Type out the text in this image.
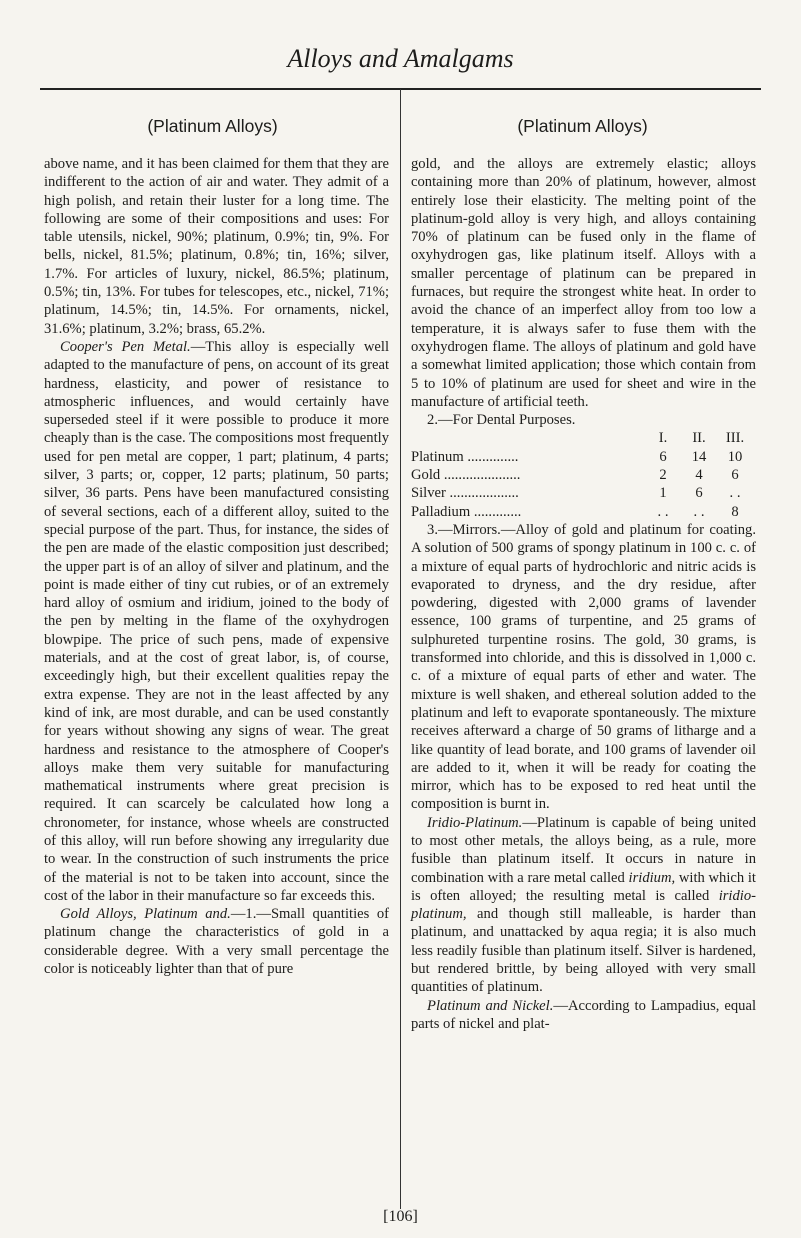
Alloys and Amalgams
(Platinum Alloys)	(Platinum Alloys)

above name, and it has been claimed for them that they are indifferent to the action of air and water. They admit of a high polish, and retain their luster for a long time. The following are some of their compositions and uses: For table utensils, nickel, 90%; platinum, 0.9%; tin, 9%. For bells, nickel, 81.5%; platinum, 0.8%; tin, 16%; silver, 1.7%. For articles of luxury, nickel, 86.5%; platinum, 0.5%; tin, 13%. For tubes for telescopes, etc., nickel, 71%; platinum, 14.5%; tin, 14.5%. For ornaments, nickel, 31.6%; platinum, 3.2%; brass, 65.2%.

Cooper's Pen Metal.—This alloy is especially well adapted to the manufacture of pens, on account of its great hardness, elasticity, and power of resistance to atmospheric influences, and would certainly have superseded steel if it were possible to produce it more cheaply than is the case. The compositions most frequently used for pen metal are copper, 1 part; platinum, 4 parts; silver, 3 parts; or, copper, 12 parts; platinum, 50 parts; silver, 36 parts. Pens have been manufactured consisting of several sections, each of a different alloy, suited to the special purpose of the part. Thus, for instance, the sides of the pen are made of the elastic composition just described; the upper part is of an alloy of silver and platinum, and the point is made either of tiny cut rubies, or of an extremely hard alloy of osmium and iridium, joined to the body of the pen by melting in the flame of the oxyhydrogen blowpipe. The price of such pens, made of expensive materials, and at the cost of great labor, is, of course, exceedingly high, but their excellent qualities repay the extra expense. They are not in the least affected by any kind of ink, are most durable, and can be used constantly for years without showing any signs of wear. The great hardness and resistance to the atmosphere of Cooper's alloys make them very suitable for manufacturing mathematical instruments where great precision is required. It can scarcely be calculated how long a chronometer, for instance, whose wheels are constructed of this alloy, will run before showing any irregularity due to wear. In the construction of such instruments the price of the material is not to be taken into account, since the cost of the labor in their manufacture so far exceeds this.

Gold Alloys, Platinum and.—1.—Small quantities of platinum change the characteristics of gold in a considerable degree. With a very small percentage the color is noticeably lighter than that of pure

gold, and the alloys are extremely elastic; alloys containing more than 20% of platinum, however, almost entirely lose their elasticity. The melting point of the platinum-gold alloy is very high, and alloys containing 70% of platinum can be fused only in the flame of oxyhydrogen gas, like platinum itself. Alloys with a smaller percentage of platinum can be prepared in furnaces, but require the strongest white heat. In order to avoid the chance of an imperfect alloy from too low a temperature, it is always safer to fuse them with the oxyhydrogen flame. The alloys of platinum and gold have a somewhat limited application; those which contain from 5 to 10% of platinum are used for sheet and wire in the manufacture of artificial teeth.

2.—For Dental Purposes.

	I.	II.	III.
Platinum ..............	6	14	10
Gold .....................	2	4	6
Silver ...................	1	6	. .
Palladium .............	. .	. .	8

3.—Mirrors.—Alloy of gold and platinum for coating. A solution of 500 grams of spongy platinum in 100 c. c. of a mixture of equal parts of hydrochloric and nitric acids is evaporated to dryness, and the dry residue, after powdering, digested with 2,000 grams of lavender essence, 100 grams of turpentine, and 25 grams of sulphureted turpentine rosins. The gold, 30 grams, is transformed into chloride, and this is dissolved in 1,000 c. c. of a mixture of equal parts of ether and water. The mixture is well shaken, and ethereal solution added to the platinum and left to evaporate spontaneously. The mixture receives afterward a charge of 50 grams of litharge and a like quantity of lead borate, and 100 grams of lavender oil are added to it, when it will be ready for coating the mirror, which has to be exposed to red heat until the composition is burnt in.

Iridio-Platinum.—Platinum is capable of being united to most other metals, the alloys being, as a rule, more fusible than platinum itself. It occurs in nature in combination with a rare metal called iridium, with which it is often alloyed; the resulting metal is called iridio-platinum, and though still malleable, is harder than platinum, and unattacked by aqua regia; it is also much less readily fusible than platinum itself. Silver is hardened, but rendered brittle, by being alloyed with very small quantities of platinum.

Platinum and Nickel.—According to Lampadius, equal parts of nickel and plat-

[106]
